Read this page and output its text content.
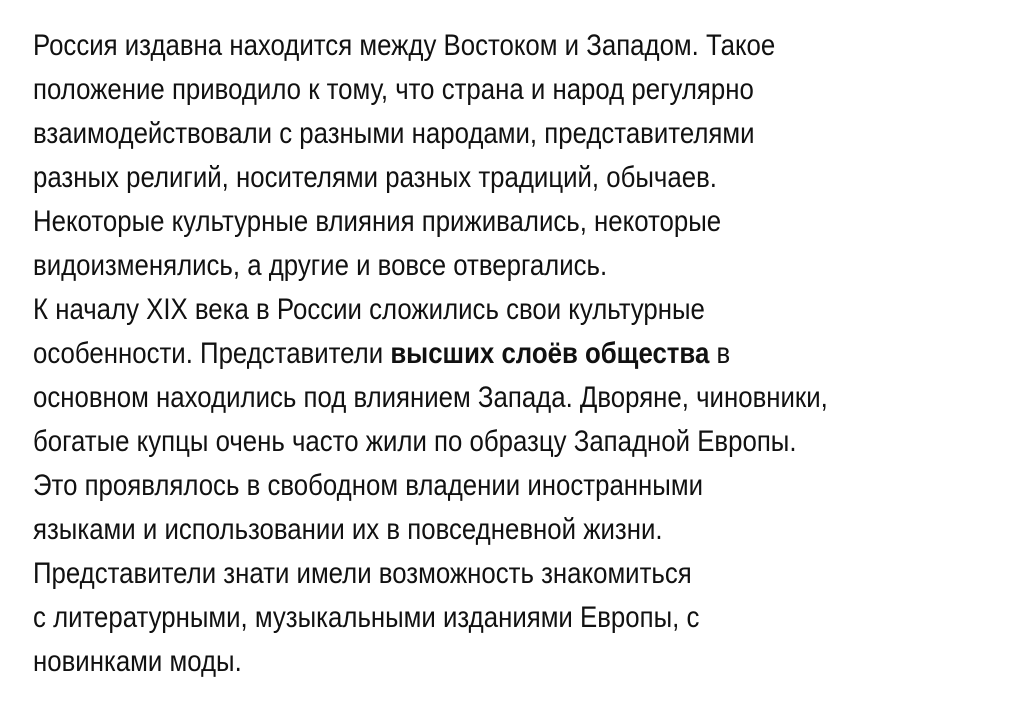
Россия издавна находится между Востоком и Западом. Такое
положение приводило к тому, что страна и народ регулярно
взаимодействовали с разными народами, представителями
разных религий, носителями разных традиций, обычаев.
Некоторые культурные влияния приживались, некоторые
видоизменялись, а другие и вовсе отвергались.
К началу XIX века в России сложились свои культурные
особенности. Представители высших слоёв общества в
основном находились под влиянием Запада. Дворяне, чиновники,
богатые купцы очень часто жили по образцу Западной Европы.
Это проявлялось в свободном владении иностранными
языками и использовании их в повседневной жизни.
Представители знати имели возможность знакомиться
с литературными, музыкальными изданиями Европы, с
новинками моды.
